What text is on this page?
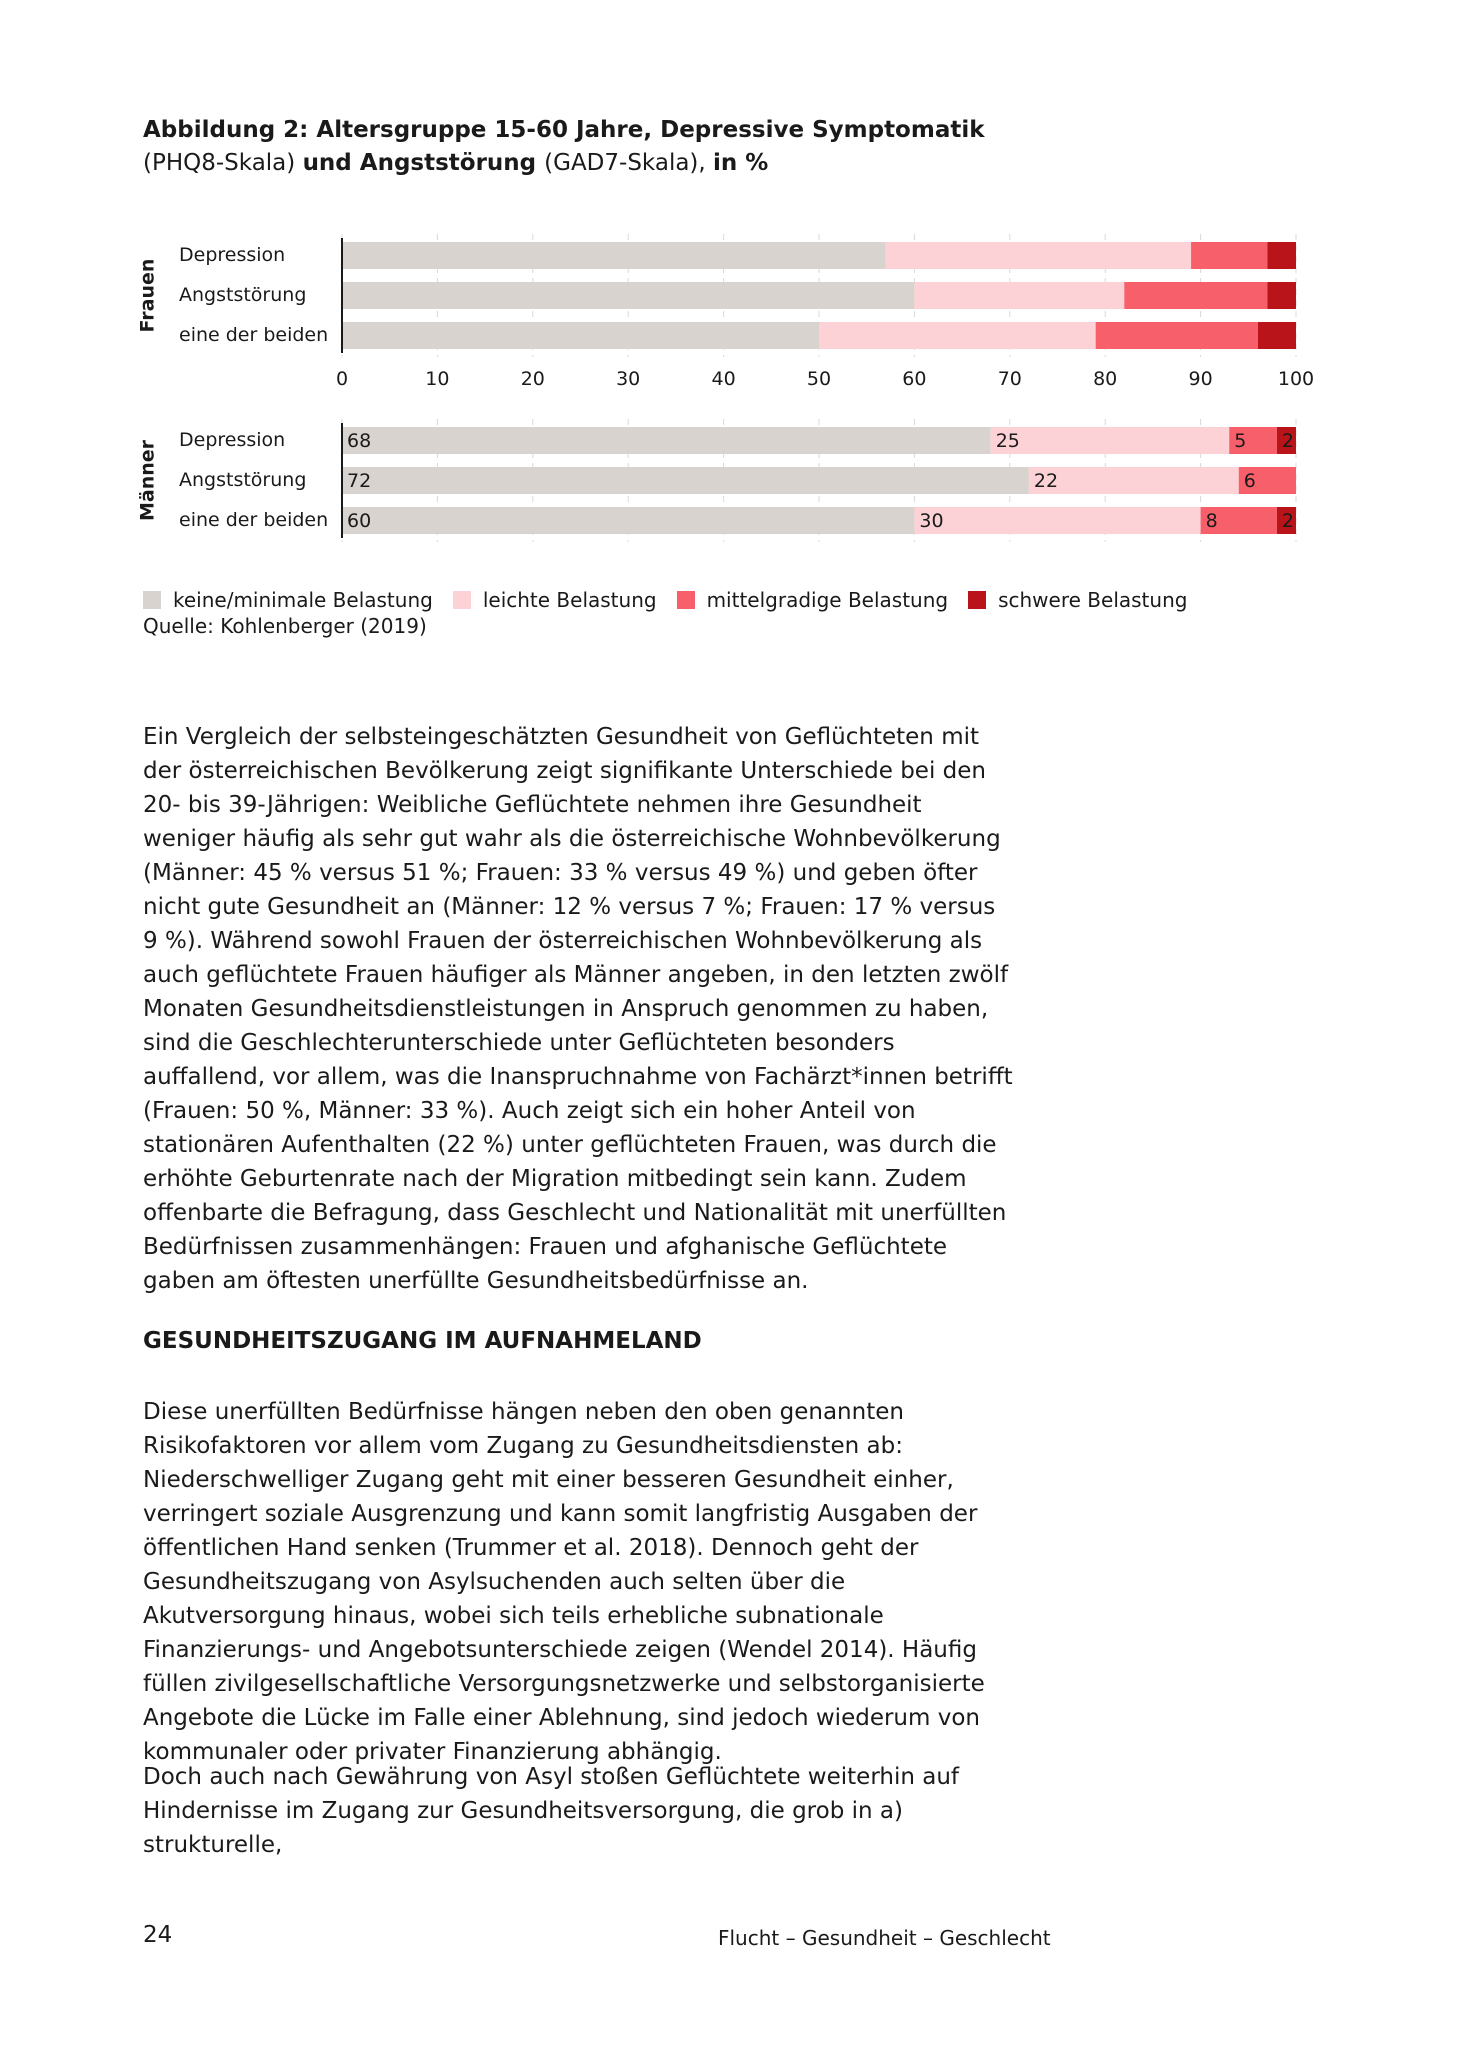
Abbildung 2: Altersgruppe 15-60 Jahre, Depressive Symptomatik
(PHQ8-Skala) und Angststörung (GAD7-Skala), in %
0	10	20	30	40	50	60	70	80	90	100
Frauen
Depression
Angststörung
eine der beiden
Männer Depression	68	25	5 2
Angststörung 72	22	6
eine der beiden 60	30	8	2
keine/minimale Belastung	leichte Belastung	mittelgradige Belastung	schwere Belastung
Quelle: Kohlenberger (2019)

Ein Vergleich der selbsteingeschätzten Gesundheit von Geflüchteten mit der österreichischen Bevölkerung zeigt signifikante Unterschiede bei den 20- bis 39-Jährigen: Weibliche Geflüchtete nehmen ihre Gesundheit weniger häufig als sehr gut wahr als die österreichische Wohnbevölkerung (Männer: 45 % versus 51 %; Frauen: 33 % versus 49 %) und geben öfter nicht gute Gesundheit an (Männer: 12 % versus 7 %; Frauen: 17 % versus 9 %). Während sowohl Frauen der österreichischen Wohnbevölkerung als auch geflüchtete Frauen häufiger als Männer angeben, in den letzten zwölf Monaten Gesundheitsdienstleistungen in Anspruch genommen zu haben, sind die Geschlechterunterschiede unter Geflüchteten besonders auffallend, vor allem, was die Inanspruchnahme von Fachärzt*innen betrifft (Frauen: 50 %, Männer: 33 %). Auch zeigt sich ein hoher Anteil von stationären Aufenthalten (22 %) unter geflüchteten Frauen, was durch die erhöhte Geburtenrate nach der Migration mitbedingt sein kann. Zudem offenbarte die Befragung, dass Geschlecht und Nationalität mit unerfüllten Bedürfnissen zusammenhängen: Frauen und afghanische Geflüchtete gaben am öftesten unerfüllte Gesundheitsbedürfnisse an.

GESUNDHEITSZUGANG IM AUFNAHMELAND

Diese unerfüllten Bedürfnisse hängen neben den oben genannten Risikofaktoren vor allem vom Zugang zu Gesundheitsdiensten ab: Niederschwelliger Zugang geht mit einer besseren Gesundheit einher, verringert soziale Ausgrenzung und kann somit langfristig Ausgaben der öffentlichen Hand senken (Trummer et al. 2018). Dennoch geht der Gesundheitszugang von Asylsuchenden auch selten über die Akutversorgung hinaus, wobei sich teils erhebliche subnationale Finanzierungs- und Angebotsunterschiede zeigen (Wendel 2014). Häufig füllen zivilgesellschaftliche Versorgungsnetzwerke und selbstorganisierte Angebote die Lücke im Falle einer Ablehnung, sind jedoch wiederum von kommunaler oder privater Finanzierung abhängig.

Doch auch nach Gewährung von Asyl stoßen Geflüchtete weiterhin auf Hindernisse im Zugang zur Gesundheitsversorgung, die grob in a) strukturelle,

24	Flucht – Gesundheit – Geschlecht
